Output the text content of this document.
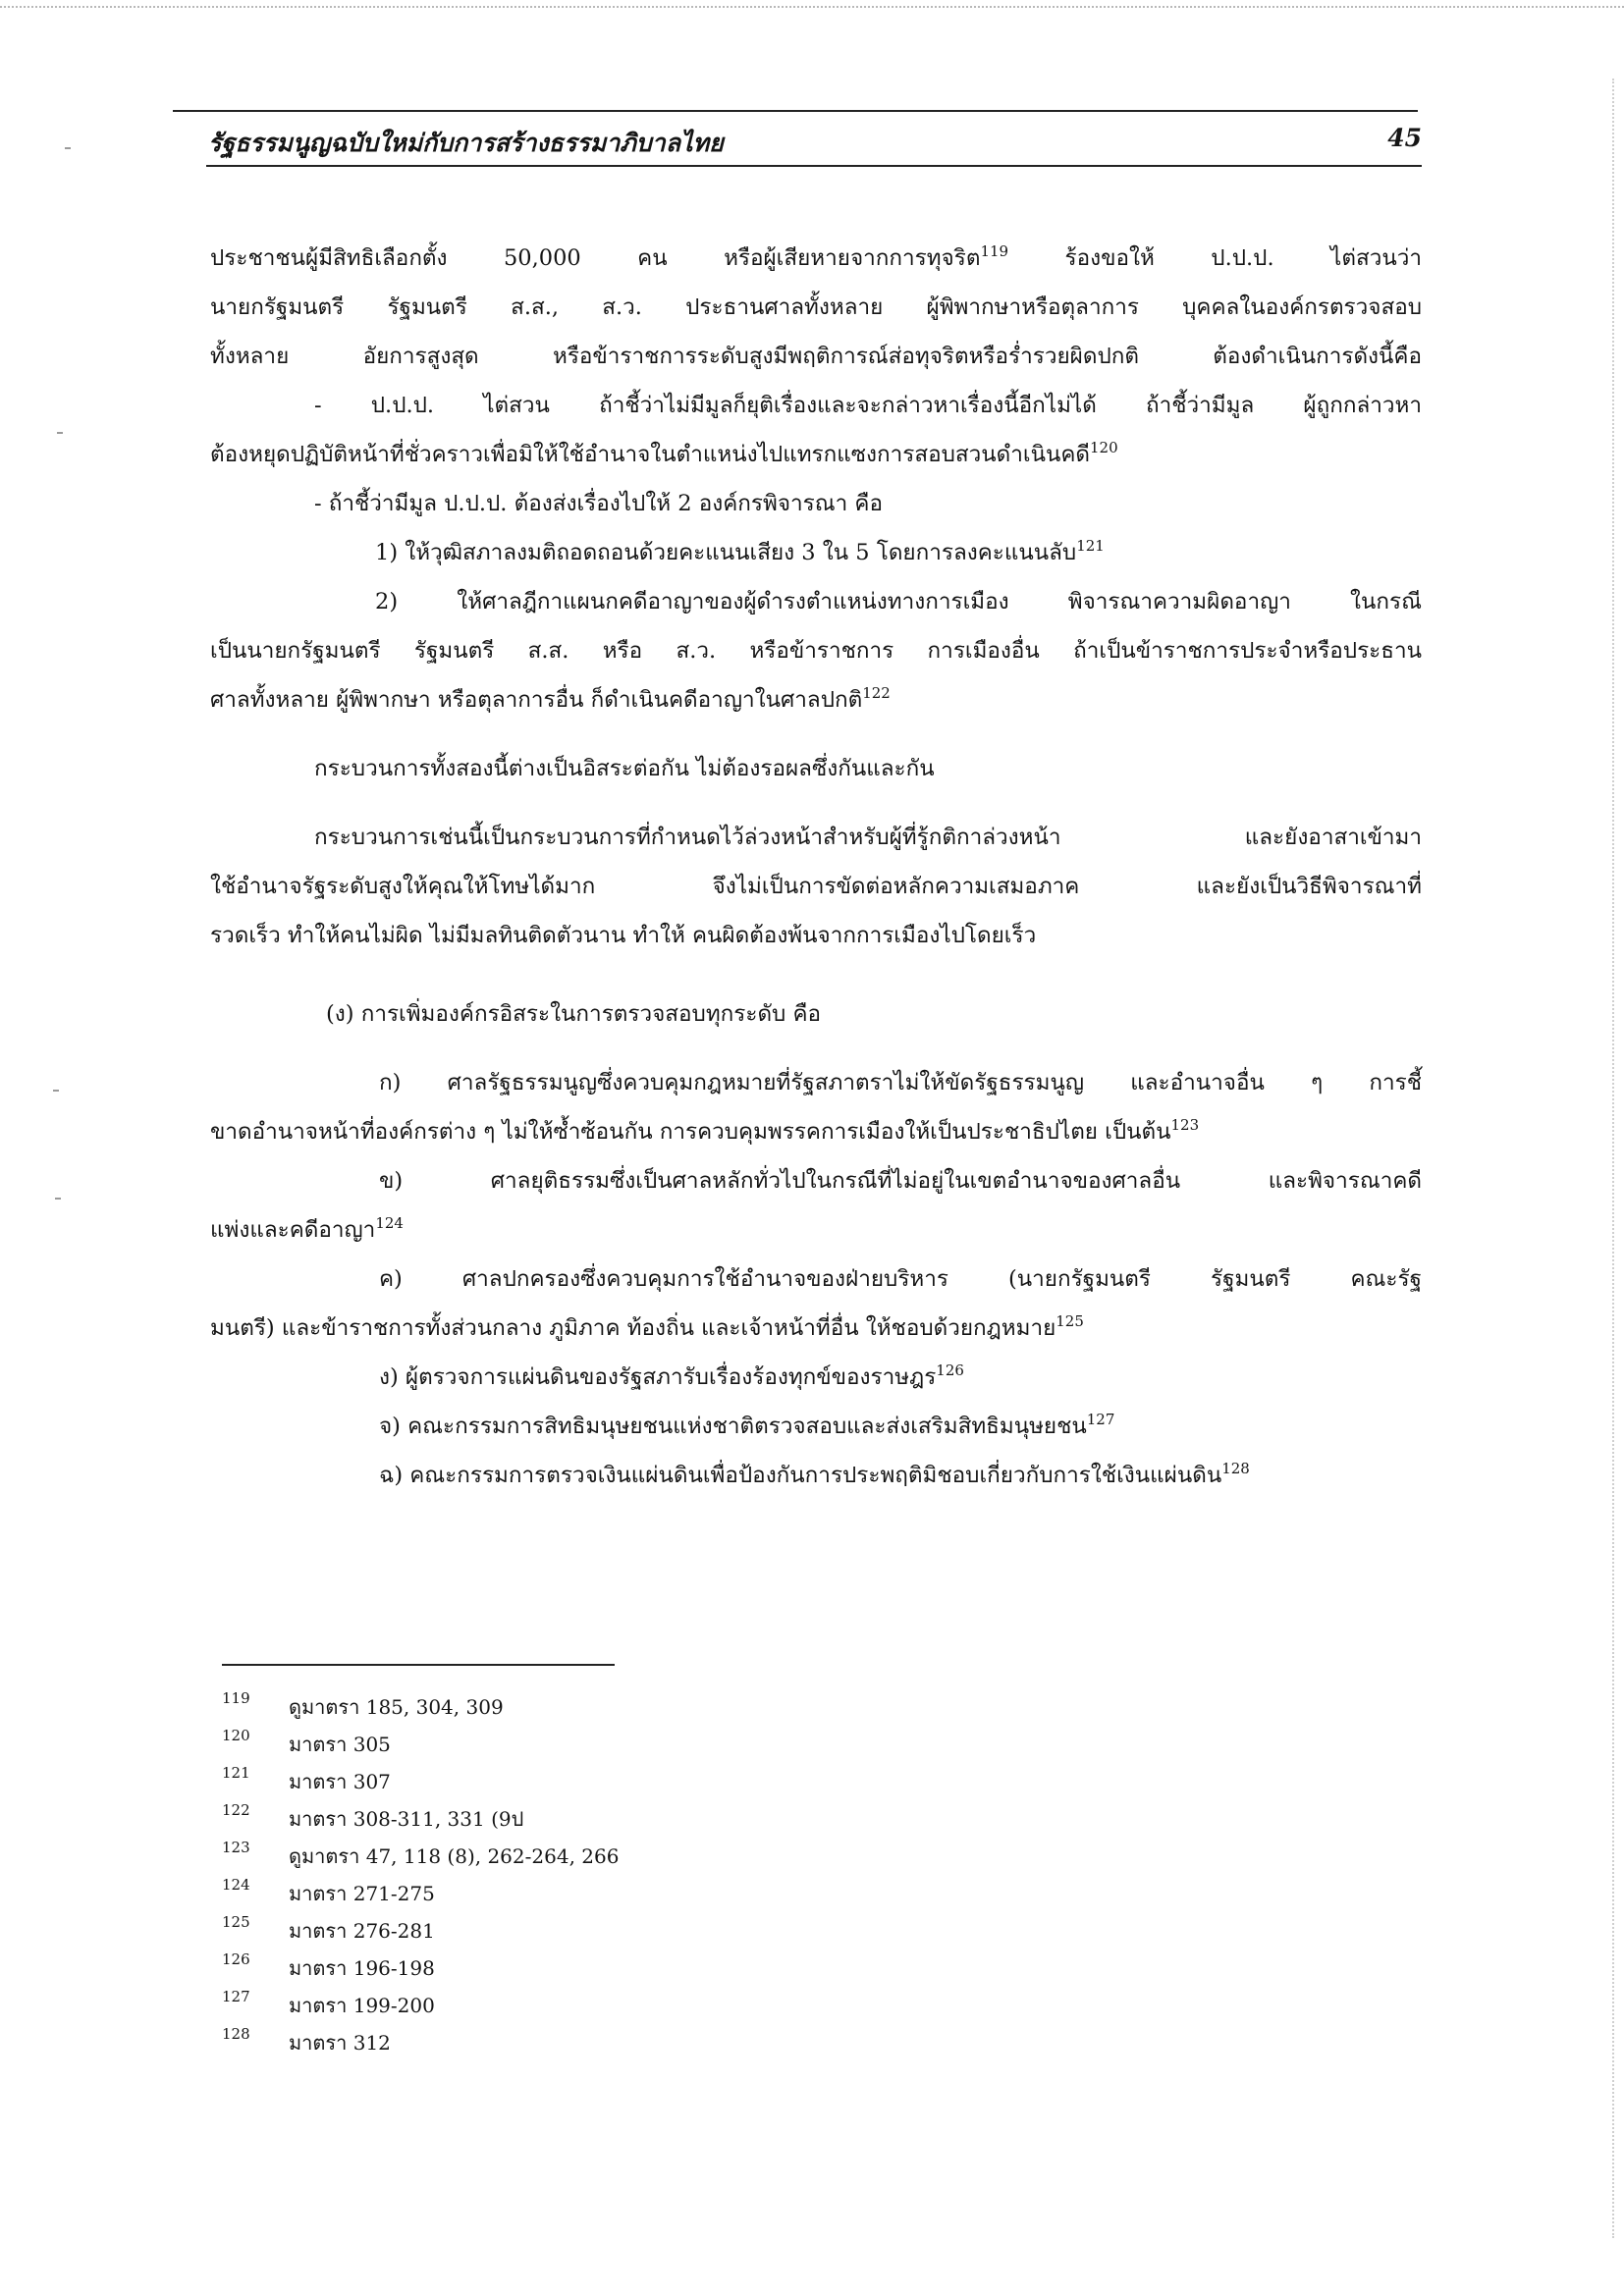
รัฐธรรมนูญฉบับใหม่กับการสร้างธรรมาภิบาลไทย	45

ประชาชนผู้มีสิทธิเลือกตั้ง 50,000 คน หรือผู้เสียหายจากการทุจริต$^{119}$ ร้องขอให้ ป.ป.ป. ไต่สวนว่า

นายกรัฐมนตรี รัฐมนตรี ส.ส., ส.ว. ประธานศาลทั้งหลาย ผู้พิพากษาหรือตุลาการ บุคคลในองค์กรตรวจสอบ

ทั้งหลาย อัยการสูงสุด หรือข้าราชการระดับสูงมีพฤติการณ์ส่อทุจริตหรือร่ำรวยผิดปกติ ต้องดำเนินการดังนี้คือ

- ป.ป.ป. ไต่สวน ถ้าชี้ว่าไม่มีมูลก็ยุติเรื่องและจะกล่าวหาเรื่องนี้อีกไม่ได้ ถ้าชี้ว่ามีมูล ผู้ถูกกล่าวหา

ต้องหยุดปฏิบัติหน้าที่ชั่วคราวเพื่อมิให้ใช้อำนาจในตำแหน่งไปแทรกแซงการสอบสวนดำเนินคดี$^{120}$

- ถ้าชี้ว่ามีมูล ป.ป.ป. ต้องส่งเรื่องไปให้ 2 องค์กรพิจารณา คือ

1) ให้วุฒิสภาลงมติถอดถอนด้วยคะแนนเสียง 3 ใน 5 โดยการลงคะแนนลับ$^{121}$

2) ให้ศาลฎีกาแผนกคดีอาญาของผู้ดำรงตำแหน่งทางการเมือง พิจารณาความผิดอาญา ในกรณี

เป็นนายกรัฐมนตรี รัฐมนตรี ส.ส. หรือ ส.ว. หรือข้าราชการ การเมืองอื่น ถ้าเป็นข้าราชการประจำหรือประธาน

ศาลทั้งหลาย ผู้พิพากษา หรือตุลาการอื่น ก็ดำเนินคดีอาญาในศาลปกติ$^{122}$

กระบวนการทั้งสองนี้ต่างเป็นอิสระต่อกัน ไม่ต้องรอผลซึ่งกันและกัน

กระบวนการเช่นนี้เป็นกระบวนการที่กำหนดไว้ล่วงหน้าสำหรับผู้ที่รู้กติกาล่วงหน้า และยังอาสาเข้ามา

ใช้อำนาจรัฐระดับสูงให้คุณให้โทษได้มาก จึงไม่เป็นการขัดต่อหลักความเสมอภาค และยังเป็นวิธีพิจารณาที่

รวดเร็ว ทำให้คนไม่ผิด ไม่มีมลทินติดตัวนาน ทำให้ คนผิดต้องพ้นจากการเมืองไปโดยเร็ว

(ง) การเพิ่มองค์กรอิสระในการตรวจสอบทุกระดับ คือ

ก) ศาลรัฐธรรมนูญซึ่งควบคุมกฎหมายที่รัฐสภาตราไม่ให้ขัดรัฐธรรมนูญ และอำนาจอื่น ๆ การชี้

ขาดอำนาจหน้าที่องค์กรต่าง ๆ ไม่ให้ซ้ำซ้อนกัน การควบคุมพรรคการเมืองให้เป็นประชาธิปไตย เป็นต้น$^{123}$

ข) ศาลยุติธรรมซึ่งเป็นศาลหลักทั่วไปในกรณีที่ไม่อยู่ในเขตอำนาจของศาลอื่น และพิจารณาคดี

แพ่งและคดีอาญา$^{124}$

ค) ศาลปกครองซึ่งควบคุมการใช้อำนาจของฝ่ายบริหาร (นายกรัฐมนตรี รัฐมนตรี คณะรัฐ

มนตรี) และข้าราชการทั้งส่วนกลาง ภูมิภาค ท้องถิ่น และเจ้าหน้าที่อื่น ให้ชอบด้วยกฎหมาย$^{125}$

ง) ผู้ตรวจการแผ่นดินของรัฐสภารับเรื่องร้องทุกข์ของราษฎร$^{126}$

จ) คณะกรรมการสิทธิมนุษยชนแห่งชาติตรวจสอบและส่งเสริมสิทธิมนุษยชน$^{127}$

ฉ) คณะกรรมการตรวจเงินแผ่นดินเพื่อป้องกันการประพฤติมิชอบเกี่ยวกับการใช้เงินแผ่นดิน$^{128}$

119	ดูมาตรา 185, 304, 309
120	มาตรา 305
121	มาตรา 307
122	มาตรา 308-311, 331 (9ป
123	ดูมาตรา 47, 118 (8), 262-264, 266
124	มาตรา 271-275
125	มาตรา 276-281
126	มาตรา 196-198
127	มาตรา 199-200
128	มาตรา 312
